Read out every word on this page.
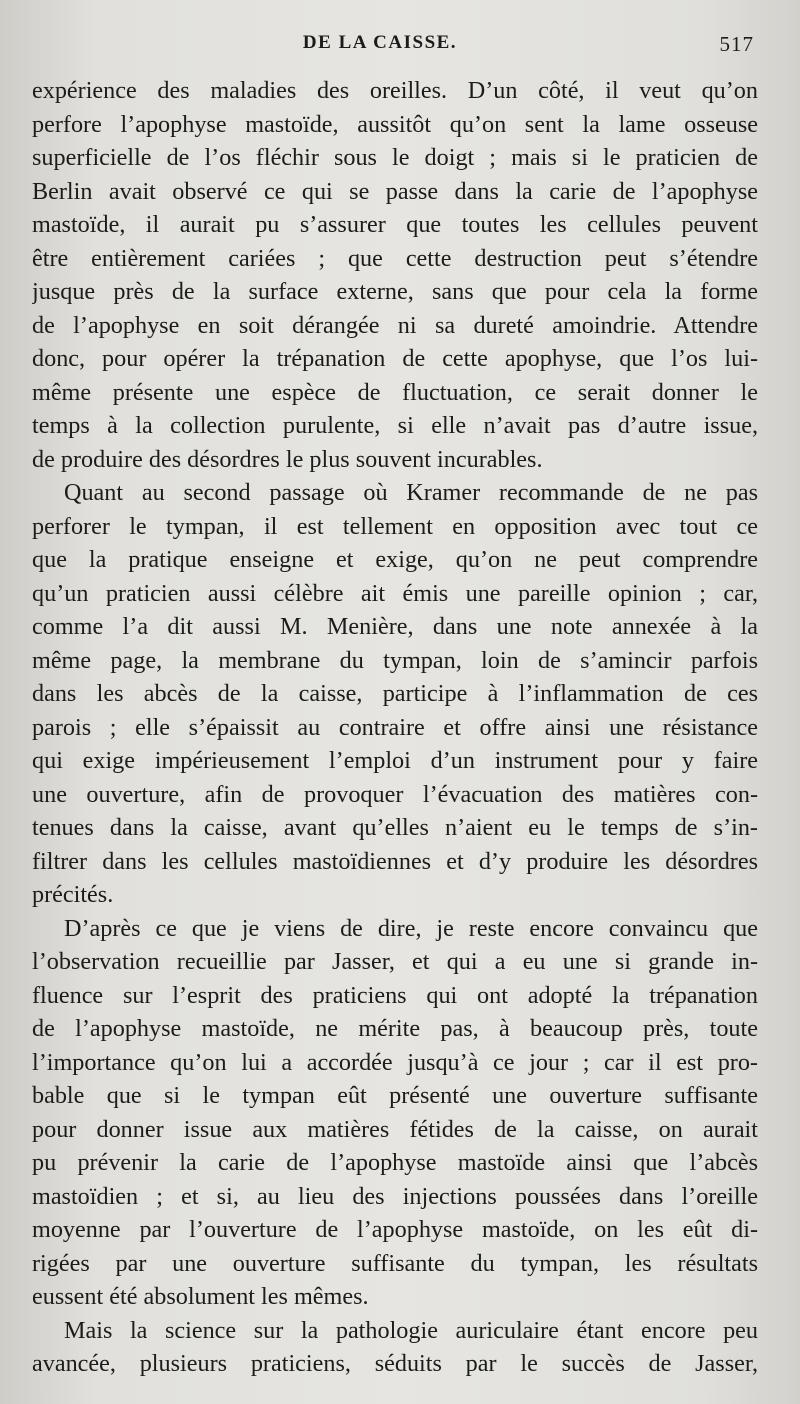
DE LA CAISSE.	517
expérience des maladies des oreilles. D’un côté, il veut qu’on
perfore l’apophyse mastoïde, aussitôt qu’on sent la lame osseuse
superficielle de l’os fléchir sous le doigt ; mais si le praticien de
Berlin avait observé ce qui se passe dans la carie de l’apophyse
mastoïde, il aurait pu s’assurer que toutes les cellules peuvent
être entièrement cariées ; que cette destruction peut s’étendre
jusque près de la surface externe, sans que pour cela la forme
de l’apophyse en soit dérangée ni sa dureté amoindrie. Attendre
donc, pour opérer la trépanation de cette apophyse, que l’os lui-
même présente une espèce de fluctuation, ce serait donner le
temps à la collection purulente, si elle n’avait pas d’autre issue,
de produire des désordres le plus souvent incurables.
Quant au second passage où Kramer recommande de ne pas
perforer le tympan, il est tellement en opposition avec tout ce
que la pratique enseigne et exige, qu’on ne peut comprendre
qu’un praticien aussi célèbre ait émis une pareille opinion ; car,
comme l’a dit aussi M. Menière, dans une note annexée à la
même page, la membrane du tympan, loin de s’amincir parfois
dans les abcès de la caisse, participe à l’inflammation de ces
parois ; elle s’épaissit au contraire et offre ainsi une résistance
qui exige impérieusement l’emploi d’un instrument pour y faire
une ouverture, afin de provoquer l’évacuation des matières con-
tenues dans la caisse, avant qu’elles n’aient eu le temps de s’in-
filtrer dans les cellules mastoïdiennes et d’y produire les désordres
précités.
D’après ce que je viens de dire, je reste encore convaincu que
l’observation recueillie par Jasser, et qui a eu une si grande in-
fluence sur l’esprit des praticiens qui ont adopté la trépanation
de l’apophyse mastoïde, ne mérite pas, à beaucoup près, toute
l’importance qu’on lui a accordée jusqu’à ce jour ; car il est pro-
bable que si le tympan eût présenté une ouverture suffisante
pour donner issue aux matières fétides de la caisse, on aurait
pu prévenir la carie de l’apophyse mastoïde ainsi que l’abcès
mastoïdien ; et si, au lieu des injections poussées dans l’oreille
moyenne par l’ouverture de l’apophyse mastoïde, on les eût di-
rigées par une ouverture suffisante du tympan, les résultats
eussent été absolument les mêmes.
Mais la science sur la pathologie auriculaire étant encore peu
avancée, plusieurs praticiens, séduits par le succès de Jasser,
